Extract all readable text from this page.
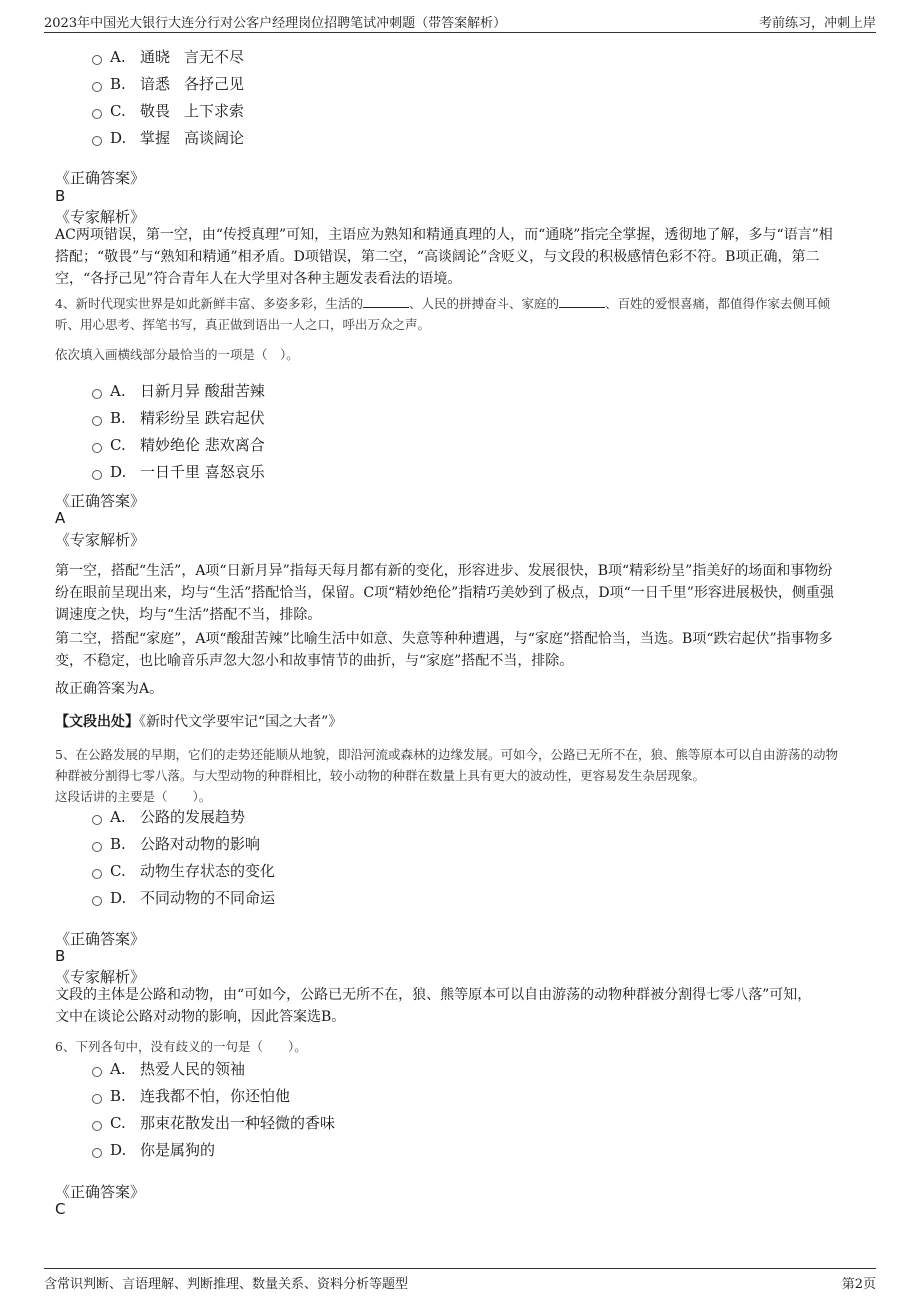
2023年中国光大银行大连分行对公客户经理岗位招聘笔试冲刺题（带答案解析）	考前练习，冲刺上岸
A. 通晓 言无不尽
B. 谙悉 各抒己见
C. 敬畏 上下求索
D. 掌握 高谈阔论
《正确答案》
B
《专家解析》
AC两项错误，第一空，由“传授真理”可知，主语应为熟知和精通真理的人，而“通晓”指完全掌握，透彻地了解，多与“语言”相
搭配；“敬畏”与“熟知和精通”相矛盾。D项错误，第二空，“高谈阔论”含贬义，与文段的积极感情色彩不符。B项正确，第二
空，“各抒己见”符合青年人在大学里对各种主题发表看法的语境。
4、新时代现实世界是如此新鲜丰富、多姿多彩，生活的	、人民的拼搏奋斗、家庭的	、百姓的爱恨喜痛，都值得作家去侧耳倾
听、用心思考、挥笔书写，真正做到语出一人之口，呼出万众之声。
依次填入画横线部分最恰当的一项是（　）。
A. 日新月异 酸甜苦辣
B. 精彩纷呈 跌宕起伏
C. 精妙绝伦 悲欢离合
D. 一日千里 喜怒哀乐
《正确答案》
A
《专家解析》
第一空，搭配“生活”，A项“日新月异”指每天每月都有新的变化，形容进步、发展很快，B项“精彩纷呈”指美好的场面和事物纷
纷在眼前呈现出来，均与“生活”搭配恰当，保留。C项“精妙绝伦”指精巧美妙到了极点，D项“一日千里”形容进展极快，侧重强
调速度之快，均与“生活”搭配不当，排除。
第二空，搭配“家庭”，A项“酸甜苦辣”比喻生活中如意、失意等种种遭遇，与“家庭”搭配恰当，当选。B项“跌宕起伏”指事物多
变，不稳定，也比喻音乐声忽大忽小和故事情节的曲折，与“家庭”搭配不当，排除。
故正确答案为A。
【文段出处】《新时代文学要牢记“国之大者”》
5、在公路发展的早期，它们的走势还能顺从地貌，即沿河流或森林的边缘发展。可如今，公路已无所不在，狼、熊等原本可以自由游荡的动物
种群被分割得七零八落。与大型动物的种群相比，较小动物的种群在数量上具有更大的波动性，更容易发生杂居现象。
这段话讲的主要是（　　）。
A. 公路的发展趋势
B. 公路对动物的影响
C. 动物生存状态的变化
D. 不同动物的不同命运
《正确答案》
B
《专家解析》
文段的主体是公路和动物，由“可如今，公路已无所不在，狼、熊等原本可以自由游荡的动物种群被分割得七零八落”可知，
文中在谈论公路对动物的影响，因此答案选B。
6、下列各句中，没有歧义的一句是（　　）。
A. 热爱人民的领袖
B. 连我都不怕，你还怕他
C. 那束花散发出一种轻微的香味
D. 你是属狗的
《正确答案》
C
含常识判断、言语理解、判断推理、数量关系、资料分析等题型	第2页
